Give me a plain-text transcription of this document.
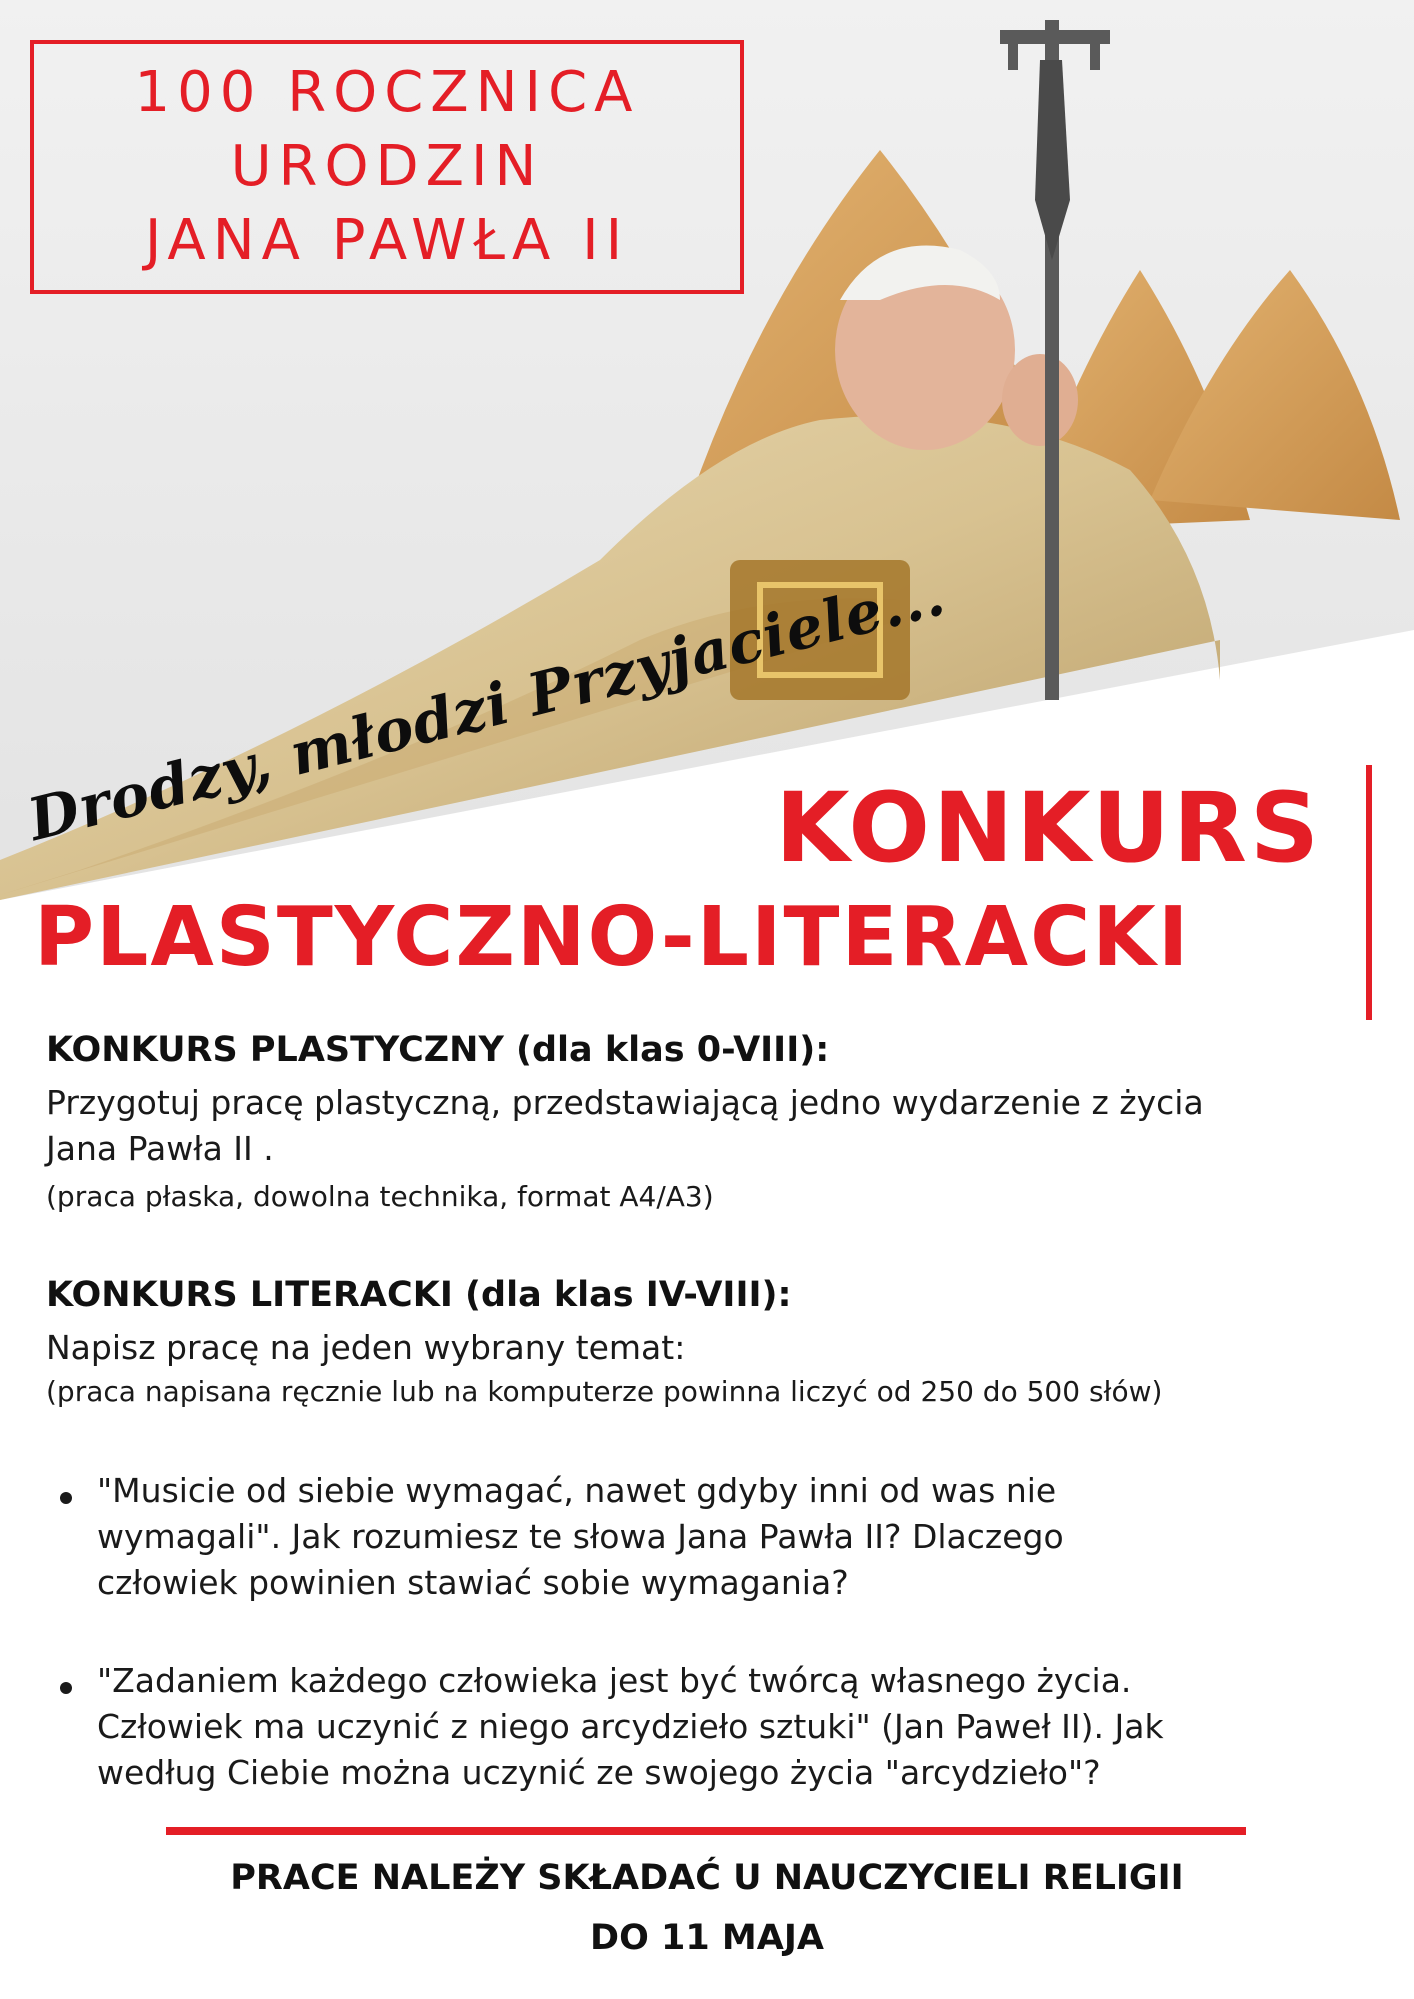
100 ROCZNICA
URODZIN
JANA PAWŁA II
Drodzy, młodzi Przyjaciele...
KONKURS
PLASTYCZNO-LITERACKI
KONKURS PLASTYCZNY (dla klas 0-VIII):
Przygotuj pracę plastyczną, przedstawiającą jedno wydarzenie z życia
Jana Pawła II .
(praca płaska, dowolna technika, format A4/A3)
KONKURS LITERACKI (dla klas IV-VIII):
Napisz pracę na jeden wybrany temat:
(praca napisana ręcznie lub na komputerze powinna liczyć od 250 do 500 słów)
"Musicie od siebie wymagać, nawet gdyby inni od was nie
wymagali". Jak rozumiesz te słowa Jana Pawła II? Dlaczego
człowiek powinien stawiać sobie wymagania?
"Zadaniem każdego człowieka jest być twórcą własnego życia.
Człowiek ma uczynić z niego arcydzieło sztuki" (Jan Paweł II). Jak
według Ciebie można uczynić ze swojego życia "arcydzieło"?
PRACE NALEŻY SKŁADAĆ U NAUCZYCIELI RELIGII
DO 11 MAJA
